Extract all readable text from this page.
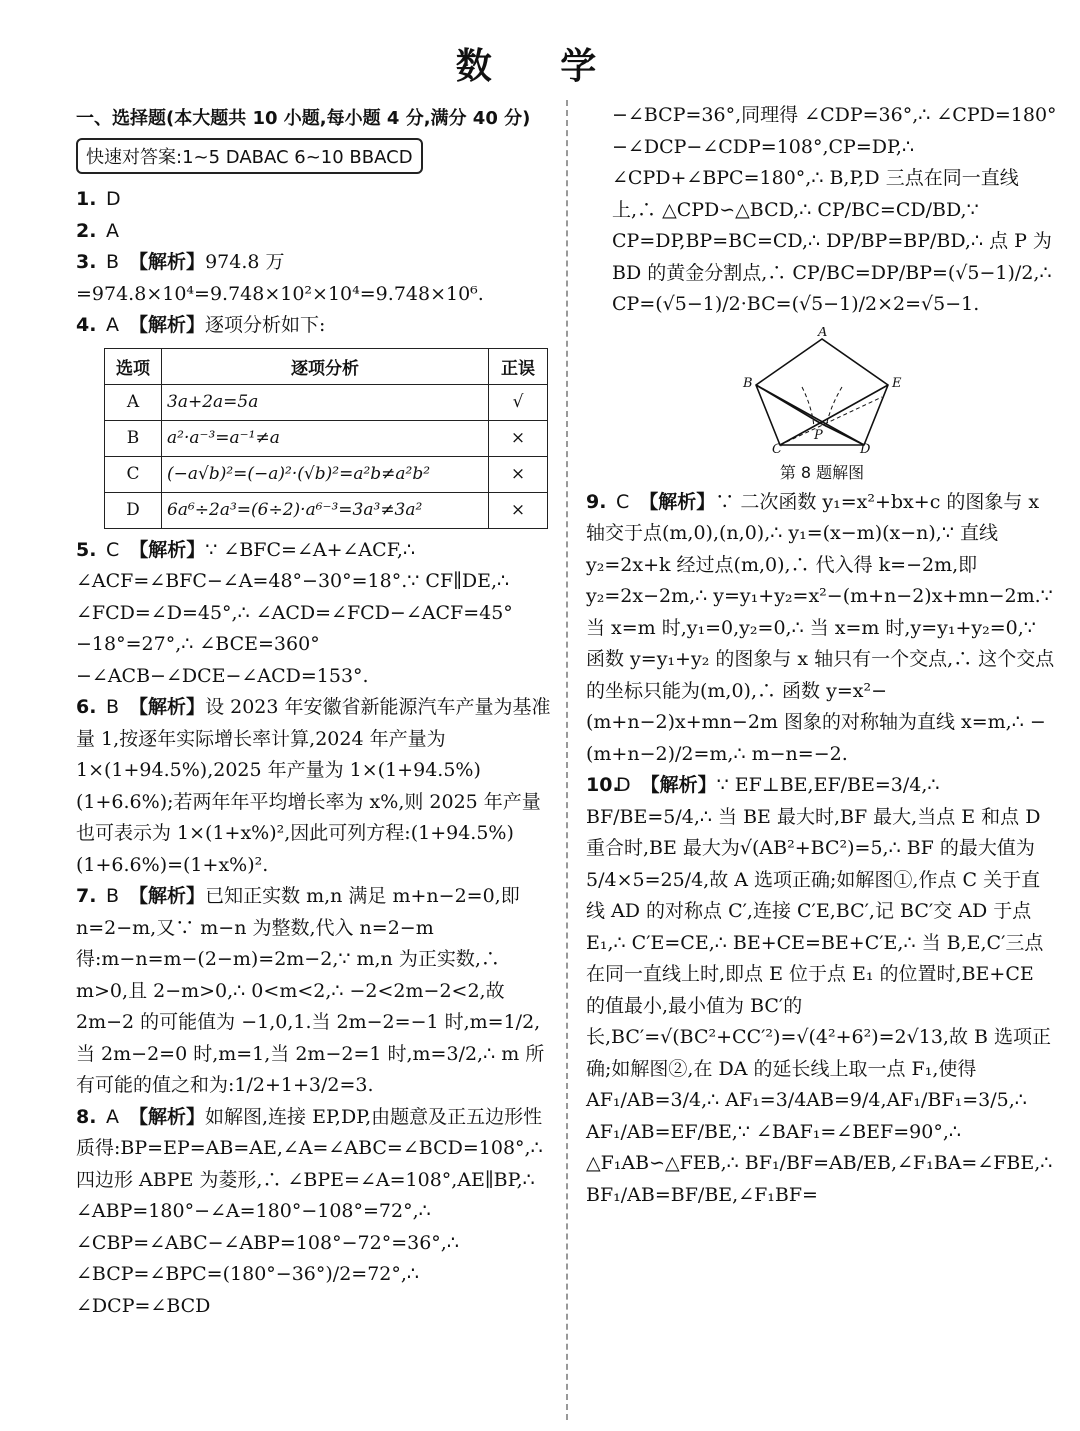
数 学
一、选择题(本大题共 10 小题,每小题 4 分,满分 40 分)
快速对答案:1~5 DABAC 6~10 BBACD

1. D

2. A

3. B 【解析】974.8 万=974.8×10⁴=9.748×10²×10⁴=9.748×10⁶.

4. A 【解析】逐项分析如下:

选项	逐项分析	正误
A	3a+2a=5a	√
B	a²·a⁻³=a⁻¹≠a	×
C	(−a√b)²=(−a)²·(√b)²=a²b≠a²b²	×
D	6a⁶÷2a³=(6÷2)·a⁶⁻³=3a³≠3a²	×

5. C 【解析】∵ ∠BFC=∠A+∠ACF,∴ ∠ACF=∠BFC−∠A=48°−30°=18°.∵ CF∥DE,∴ ∠FCD=∠D=45°,∴ ∠ACD=∠FCD−∠ACF=45°−18°=27°,∴ ∠BCE=360°−∠ACB−∠DCE−∠ACD=153°.

6. B 【解析】设 2023 年安徽省新能源汽车产量为基准量 1,按逐年实际增长率计算,2024 年产量为 1×(1+94.5%),2025 年产量为 1×(1+94.5%)(1+6.6%);若两年年平均增长率为 x%,则 2025 年产量也可表示为 1×(1+x%)²,因此可列方程:(1+94.5%)(1+6.6%)=(1+x%)².

7. B 【解析】已知正实数 m,n 满足 m+n−2=0,即 n=2−m,又∵ m−n 为整数,代入 n=2−m 得:m−n=m−(2−m)=2m−2,∵ m,n 为正实数,∴ m>0,且 2−m>0,∴ 0<m<2,∴ −2<2m−2<2,故 2m−2 的可能值为 −1,0,1.当 2m−2=−1 时,m=1/2,当 2m−2=0 时,m=1,当 2m−2=1 时,m=3/2,∴ m 所有可能的值之和为:1/2+1+3/2=3.

8. A 【解析】如解图,连接 EP,DP,由题意及正五边形性质得:BP=EP=AB=AE,∠A=∠ABC=∠BCD=108°,∴ 四边形 ABPE 为菱形,∴ ∠BPE=∠A=108°,AE∥BP,∴ ∠ABP=180°−∠A=180°−108°=72°,∴ ∠CBP=∠ABC−∠ABP=108°−72°=36°,∴ ∠BCP=∠BPC=(180°−36°)/2=72°,∴ ∠DCP=∠BCD

−∠BCP=36°,同理得 ∠CDP=36°,∴ ∠CPD=180°−∠DCP−∠CDP=108°,CP=DP,∴ ∠CPD+∠BPC=180°,∴ B,P,D 三点在同一直线上,∴ △CPD∽△BCD,∴ CP/BC=CD/BD,∵ CP=DP,BP=BC=CD,∴ DP/BP=BP/BD,∴ 点 P 为 BD 的黄金分割点,∴ CP/BC=DP/BP=(√5−1)/2,∴ CP=(√5−1)/2·BC=(√5−1)/2×2=√5−1.

A
B	E
P
C	D
第 8 题解图

9. C 【解析】∵ 二次函数 y₁=x²+bx+c 的图象与 x 轴交于点(m,0),(n,0),∴ y₁=(x−m)(x−n),∵ 直线 y₂=2x+k 经过点(m,0),∴ 代入得 k=−2m,即 y₂=2x−2m,∴ y=y₁+y₂=x²−(m+n−2)x+mn−2m.∵ 当 x=m 时,y₁=0,y₂=0,∴ 当 x=m 时,y=y₁+y₂=0,∵ 函数 y=y₁+y₂ 的图象与 x 轴只有一个交点,∴ 这个交点的坐标只能为(m,0),∴ 函数 y=x²−(m+n−2)x+mn−2m 图象的对称轴为直线 x=m,∴ −(m+n−2)/2=m,∴ m−n=−2.

10.D 【解析】∵ EF⊥BE,EF/BE=3/4,∴ BF/BE=5/4,∴ 当 BE 最大时,BF 最大,当点 E 和点 D 重合时,BE 最大为√(AB²+BC²)=5,∴ BF 的最大值为 5/4×5=25/4,故 A 选项正确;如解图①,作点 C 关于直线 AD 的对称点 C′,连接 C′E,BC′,记 BC′交 AD 于点 E₁,∴ C′E=CE,∴ BE+CE=BE+C′E,∴ 当 B,E,C′三点在同一直线上时,即点 E 位于点 E₁ 的位置时,BE+CE 的值最小,最小值为 BC′的长,BC′=√(BC²+CC′²)=√(4²+6²)=2√13,故 B 选项正确;如解图②,在 DA 的延长线上取一点 F₁,使得 AF₁/AB=3/4,∴ AF₁=3/4AB=9/4,AF₁/BF₁=3/5,∴ AF₁/AB=EF/BE,∵ ∠BAF₁=∠BEF=90°,∴ △F₁AB∽△FEB,∴ BF₁/BF=AB/EB,∠F₁BA=∠FBE,∴ BF₁/AB=BF/BE,∠F₁BF=
